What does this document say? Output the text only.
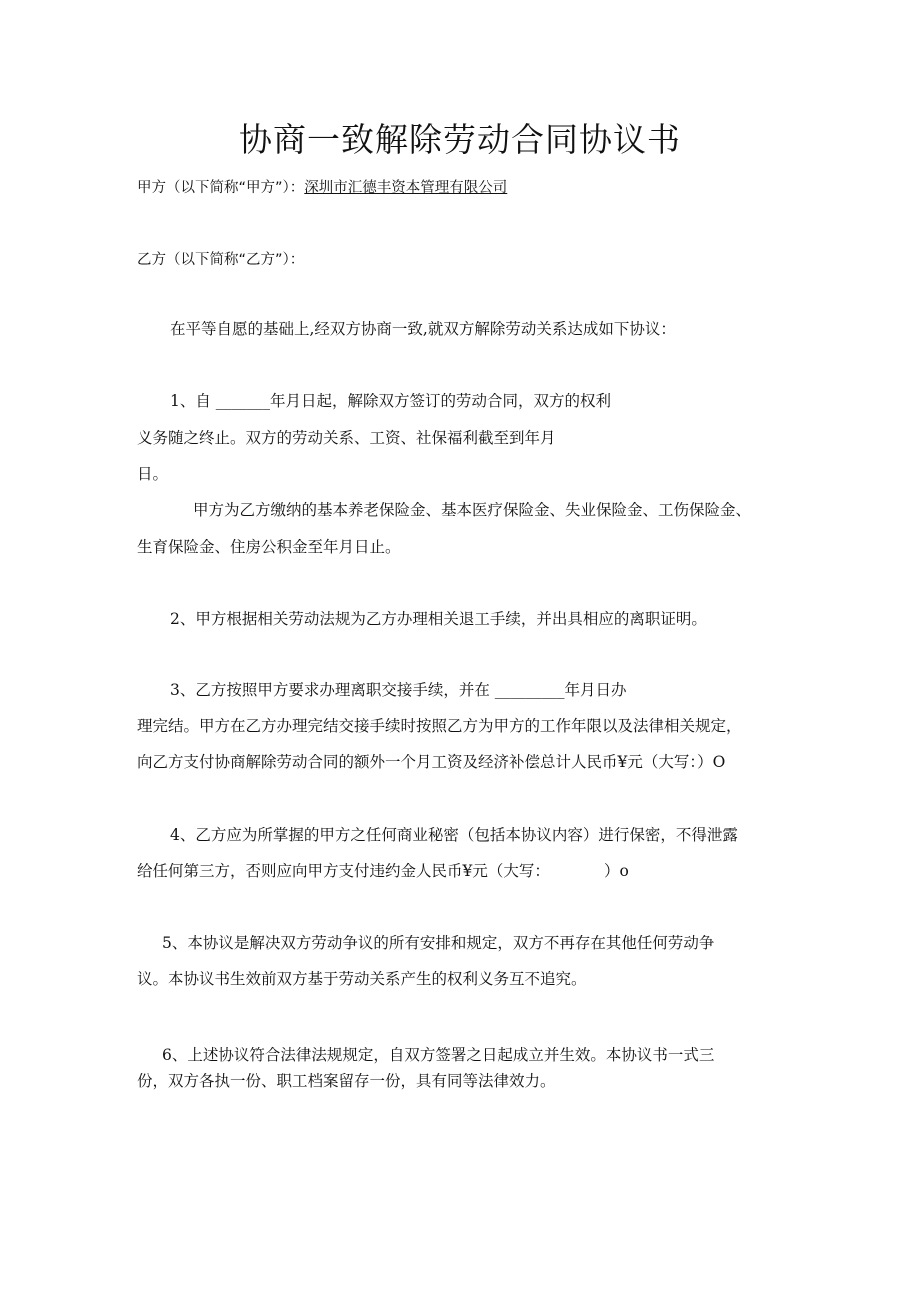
协商一致解除劳动合同协议书
甲方（以下简称“甲方”）：深圳市汇德丰资本管理有限公司
乙方（以下简称“乙方”）：
在平等自愿的基础上,经双方协商一致,就双方解除劳动关系达成如下协议：
1、自 _______年月日起，解除双方签订的劳动合同，双方的权利
义务随之终止。双方的劳动关系、工资、社保福利截至到年月
日。
甲方为乙方缴纳的基本养老保险金、基本医疗保险金、失业保险金、工伤保险金、
生育保险金、住房公积金至年月日止。
2、甲方根据相关劳动法规为乙方办理相关退工手续，并出具相应的离职证明。
3、乙方按照甲方要求办理离职交接手续，并在 _________年月日办
理完结。甲方在乙方办理完结交接手续时按照乙方为甲方的工作年限以及法律相关规定，
向乙方支付协商解除劳动合同的额外一个月工资及经济补偿总计人民币¥元（大写：）O
4、乙方应为所掌握的甲方之任何商业秘密（包括本协议内容）进行保密，不得泄露
给任何第三方，否则应向甲方支付违约金人民币¥元（大写：           ）o
5、本协议是解决双方劳动争议的所有安排和规定，双方不再存在其他任何劳动争
议。本协议书生效前双方基于劳动关系产生的权利义务互不追究。
6、上述协议符合法律法规规定，自双方签署之日起成立并生效。本协议书一式三
份，双方各执一份、职工档案留存一份，具有同等法律效力。
